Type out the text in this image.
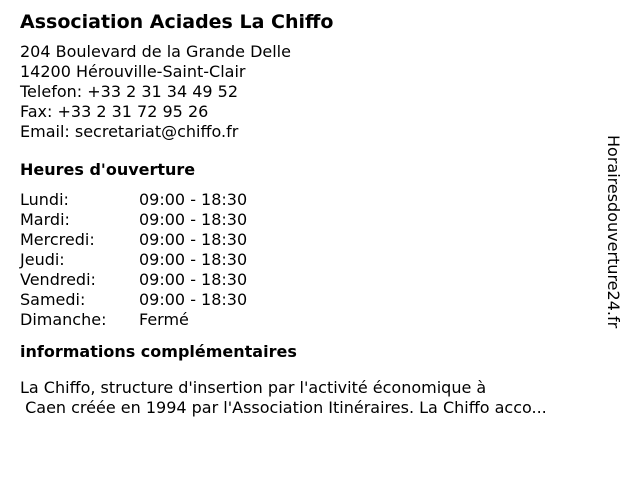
Association Aciades La Chiffo
204 Boulevard de la Grande Delle
14200 Hérouville-Saint-Clair
Telefon: +33 2 31 34 49 52
Fax: +33 2 31 72 95 26
Email: secretariat@chiffo.fr
Heures d'ouverture
Lundi:	09:00 - 18:30
Mardi:	09:00 - 18:30
Mercredi:	09:00 - 18:30
Jeudi:	09:00 - 18:30
Vendredi:	09:00 - 18:30
Samedi:	09:00 - 18:30
Dimanche:	Fermé
informations complémentaires
La Chiffo, structure d'insertion par l'activité économique à
Caen créée en 1994 par l'Association Itinéraires. La Chiffo acco...
Horairesdouverture24.fr
